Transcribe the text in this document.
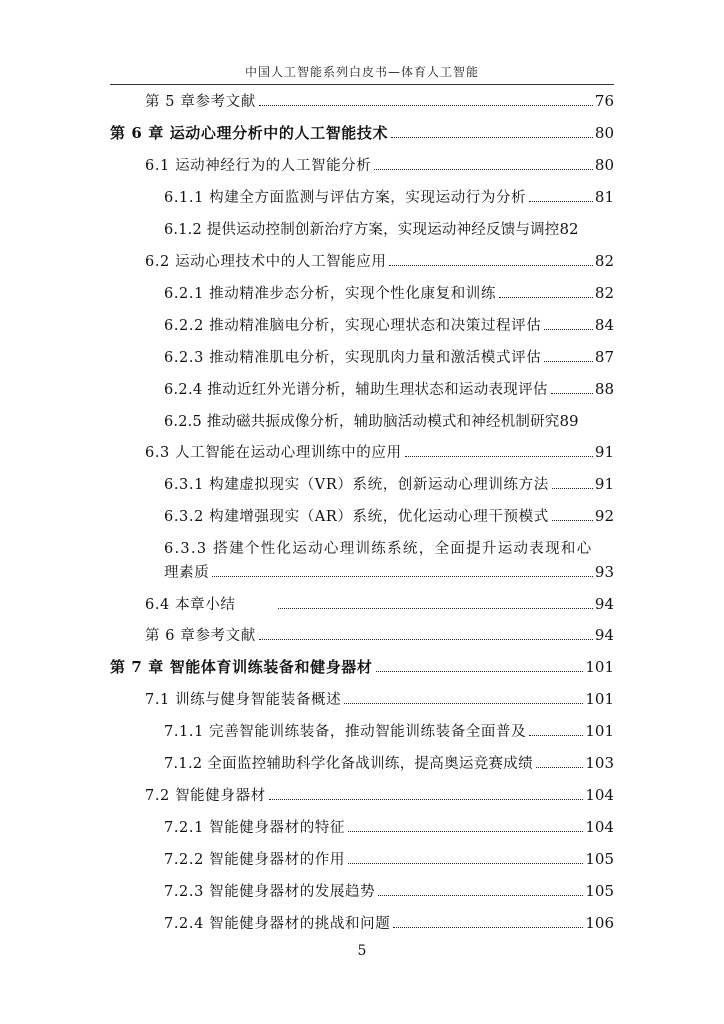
中国人工智能系列白皮书—体育人工智能
第 5 章参考文献	76
第 6 章 运动心理分析中的人工智能技术	80
6.1 运动神经行为的人工智能分析	80
6.1.1 构建全方面监测与评估方案，实现运动行为分析	81
6.1.2 提供运动控制创新治疗方案，实现运动神经反馈与调控 82
6.2 运动心理技术中的人工智能应用	82
6.2.1 推动精准步态分析，实现个性化康复和训练	82
6.2.2 推动精准脑电分析，实现心理状态和决策过程评估	84
6.2.3 推动精准肌电分析，实现肌肉力量和激活模式评估	87
6.2.4 推动近红外光谱分析，辅助生理状态和运动表现评估	88
6.2.5 推动磁共振成像分析，辅助脑活动模式和神经机制研究 89
6.3 人工智能在运动心理训练中的应用	91
6.3.1 构建虚拟现实（VR）系统，创新运动心理训练方法	91
6.3.2 构建增强现实（AR）系统，优化运动心理干预模式	92
6.3.3 搭建个性化运动心理训练系统，全面提升运动表现和心
理素质	93
6.4 本章小结	94
第 6 章参考文献	94
第 7 章 智能体育训练装备和健身器材	101
7.1 训练与健身智能装备概述	101
7.1.1 完善智能训练装备，推动智能训练装备全面普及	101
7.1.2 全面监控辅助科学化备战训练，提高奥运竞赛成绩	103
7.2 智能健身器材	104
7.2.1 智能健身器材的特征	104
7.2.2 智能健身器材的作用	105
7.2.3 智能健身器材的发展趋势	105
7.2.4 智能健身器材的挑战和问题	106
5
